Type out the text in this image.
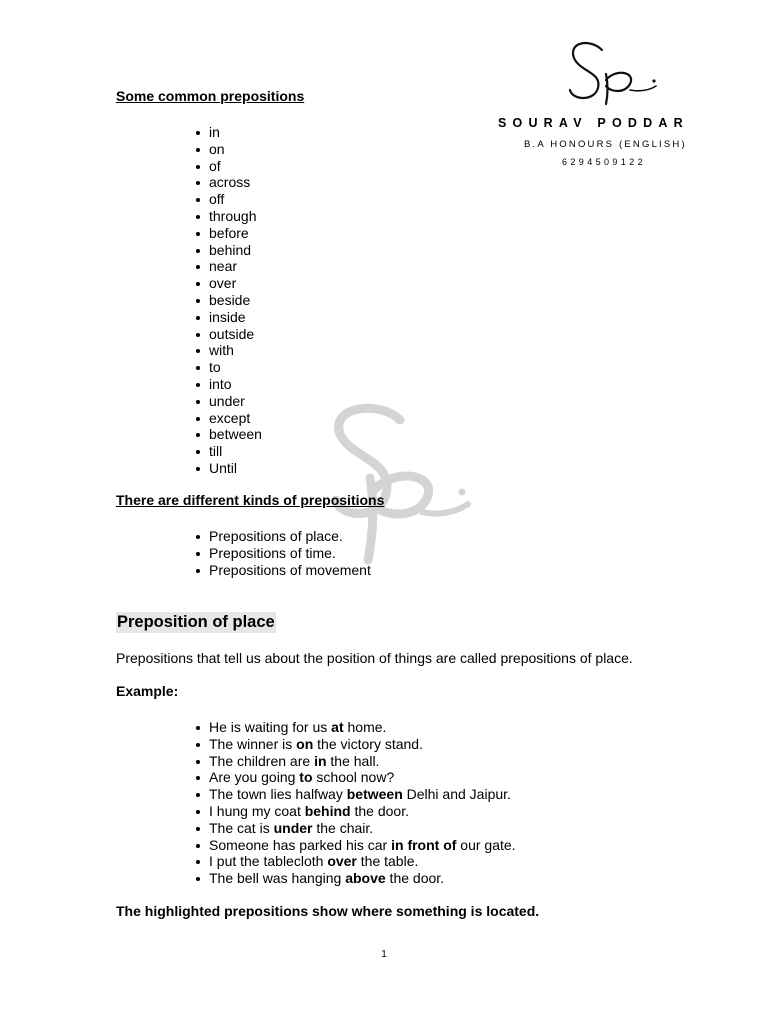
SOURAV PODDAR
B.A HONOURS (ENGLISH)
6294509122
Some common prepositions
in
on
of
across
off
through
before
behind
near
over
beside
inside
outside
with
to
into
under
except
between
till
Until
There are different kinds of prepositions
Prepositions of place.
Prepositions of time.
Prepositions of movement
Preposition of place
Prepositions that tell us about the position of things are called prepositions of place.
Example:
He is waiting for us at home.
The winner is on the victory stand.
The children are in the hall.
Are you going to school now?
The town lies halfway between Delhi and Jaipur.
I hung my coat behind the door.
The cat is under the chair.
Someone has parked his car in front of our gate.
I put the tablecloth over the table.
The bell was hanging above the door.
The highlighted prepositions show where something is located.
1
